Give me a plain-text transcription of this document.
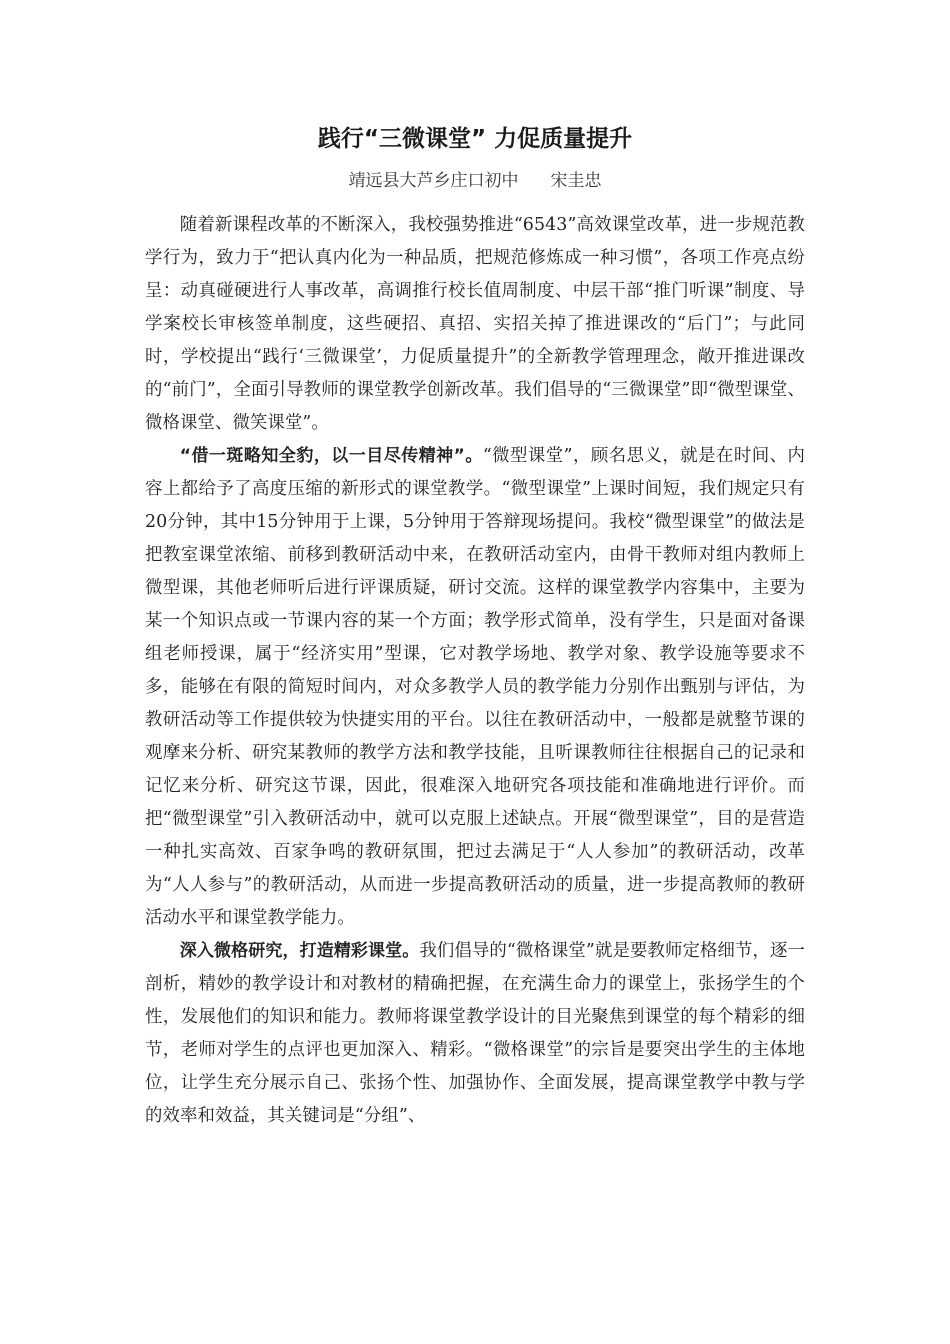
践行“三微课堂” 力促质量提升
靖远县大芦乡庄口初中 宋圭忠

随着新课程改革的不断深入，我校强势推进“6543”高效课堂改革，进一步规范教学行为，致力于“把认真内化为一种品质，把规范修炼成一种习惯”，各项工作亮点纷呈：动真碰硬进行人事改革，高调推行校长值周制度、中层干部“推门听课”制度、导学案校长审核签单制度，这些硬招、真招、实招关掉了推进课改的“后门”；与此同时，学校提出“践行‘三微课堂’，力促质量提升”的全新教学管理理念，敞开推进课改的“前门”，全面引导教师的课堂教学创新改革。我们倡导的“三微课堂”即“微型课堂、微格课堂、微笑课堂”。

“借一斑略知全豹，以一目尽传精神”。“微型课堂”，顾名思义，就是在时间、内容上都给予了高度压缩的新形式的课堂教学。“微型课堂”上课时间短，我们规定只有20分钟，其中15分钟用于上课，5分钟用于答辩现场提问。我校“微型课堂”的做法是把教室课堂浓缩、前移到教研活动中来，在教研活动室内，由骨干教师对组内教师上微型课，其他老师听后进行评课质疑，研讨交流。这样的课堂教学内容集中，主要为某一个知识点或一节课内容的某一个方面；教学形式简单，没有学生，只是面对备课组老师授课，属于“经济实用”型课，它对教学场地、教学对象、教学设施等要求不多，能够在有限的简短时间内，对众多教学人员的教学能力分别作出甄别与评估，为教研活动等工作提供较为快捷实用的平台。以往在教研活动中，一般都是就整节课的观摩来分析、研究某教师的教学方法和教学技能，且听课教师往往根据自己的记录和记忆来分析、研究这节课，因此，很难深入地研究各项技能和准确地进行评价。而把“微型课堂”引入教研活动中，就可以克服上述缺点。开展“微型课堂”，目的是营造一种扎实高效、百家争鸣的教研氛围，把过去满足于“人人参加”的教研活动，改革为“人人参与”的教研活动，从而进一步提高教研活动的质量，进一步提高教师的教研活动水平和课堂教学能力。

深入微格研究，打造精彩课堂。我们倡导的“微格课堂”就是要教师定格细节，逐一剖析，精妙的教学设计和对教材的精确把握，在充满生命力的课堂上，张扬学生的个性，发展他们的知识和能力。教师将课堂教学设计的目光聚焦到课堂的每个精彩的细节，老师对学生的点评也更加深入、精彩。“微格课堂”的宗旨是要突出学生的主体地位，让学生充分展示自己、张扬个性、加强协作、全面发展，提高课堂教学中教与学的效率和效益，其关键词是“分组”、
